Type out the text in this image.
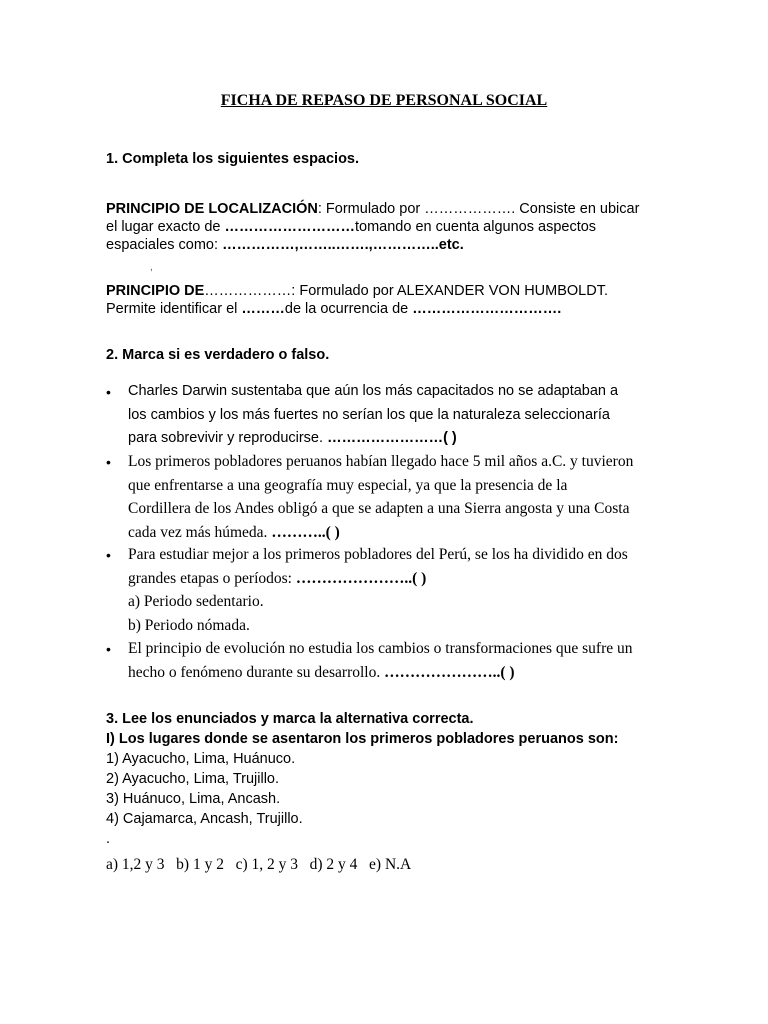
FICHA DE REPASO DE PERSONAL SOCIAL
1. Completa los siguientes espacios.
PRINCIPIO DE LOCALIZACIÓN: Formulado por ………………. Consiste en ubicar
el lugar exacto de ………………………tomando en cuenta algunos aspectos
espaciales como: ……………,……..…….,…………..etc.
,
PRINCIPIO DE………………: Formulado por ALEXANDER VON HUMBOLDT.
Permite identificar el ………de la ocurrencia de ………………………….
2. Marca si es verdadero o falso.
• Charles Darwin sustentaba que aún los más capacitados no se adaptaban a
los cambios y los más fuertes no serían los que la naturaleza seleccionaría
para sobrevivir y reproducirse. ……………………( )
• Los primeros pobladores peruanos habían llegado hace 5 mil años a.C. y tuvieron
que enfrentarse a una geografía muy especial, ya que la presencia de la
Cordillera de los Andes obligó a que se adapten a una Sierra angosta y una Costa
cada vez más húmeda. ………..( )
• Para estudiar mejor a los primeros pobladores del Perú, se los ha dividido en dos
grandes etapas o períodos: …………………..( )
a) Periodo sedentario.
b) Periodo nómada.
• El principio de evolución no estudia los cambios o transformaciones que sufre un
hecho o fenómeno durante su desarrollo. …………………..( )
3. Lee los enunciados y marca la alternativa correcta.
I) Los lugares donde se asentaron los primeros pobladores peruanos son:
1) Ayacucho, Lima, Huánuco.
2) Ayacucho, Lima, Trujillo.
3) Huánuco, Lima, Ancash.
4) Cajamarca, Ancash, Trujillo.
.
a) 1,2 y 3   b) 1 y 2   c) 1, 2 y 3   d) 2 y 4   e) N.A
